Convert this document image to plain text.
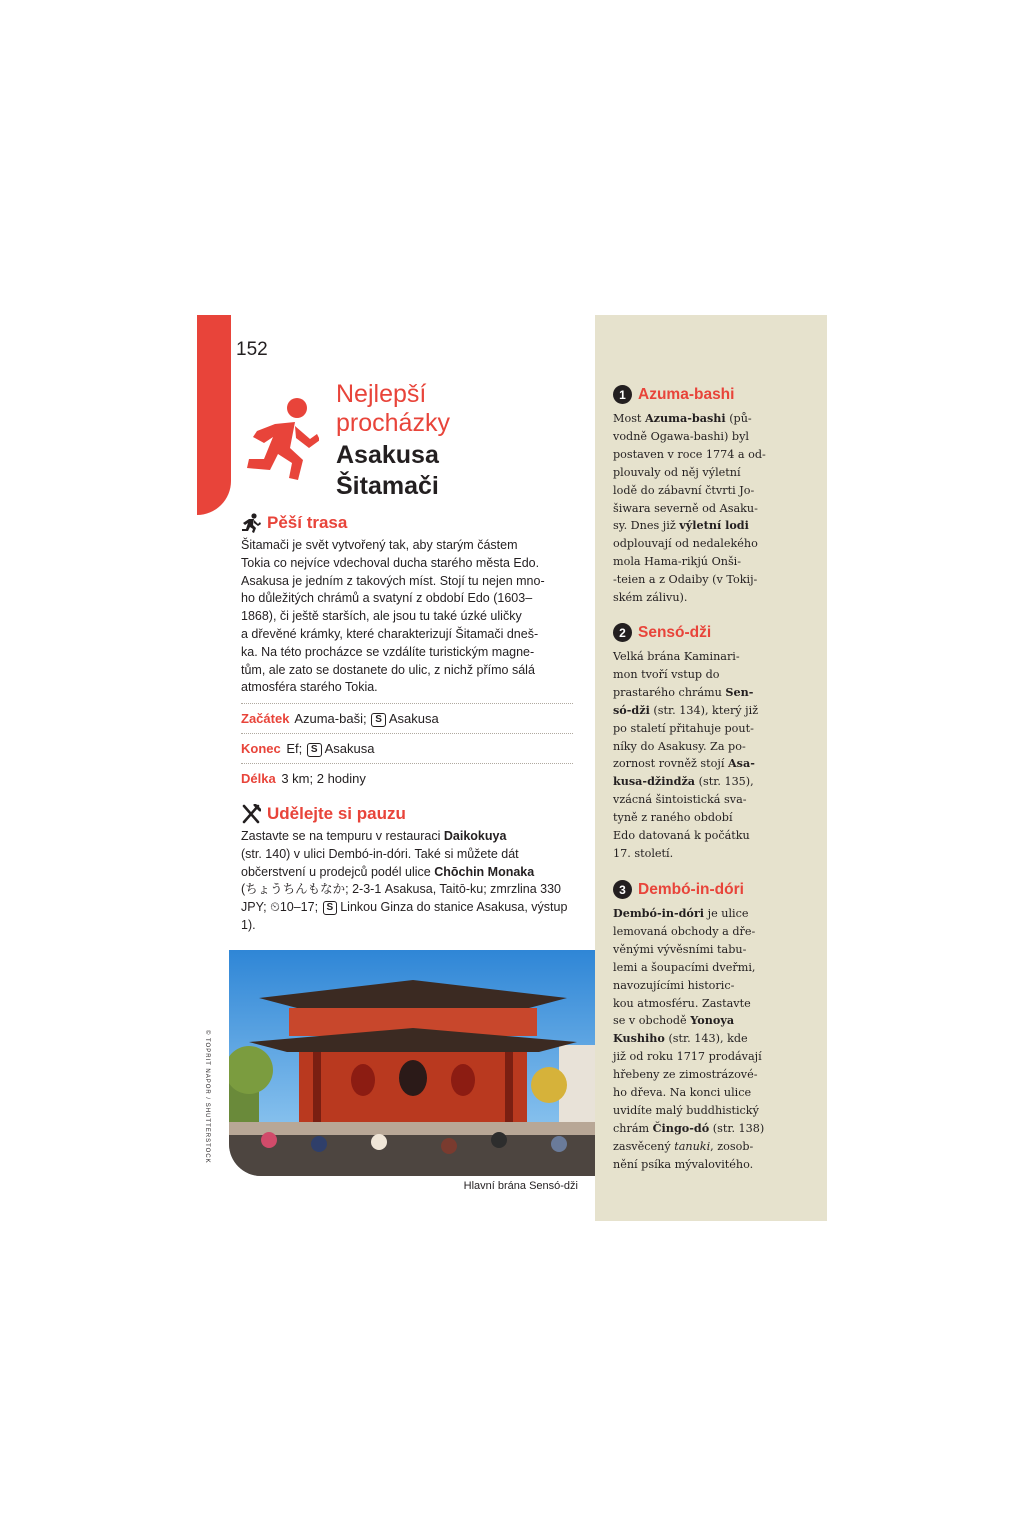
152
Nejlepší
procházky
Asakusa
Šitamači
Pěší trasa
Šitamači je svět vytvořený tak, aby starým částem
Tokia co nejvíce vdechoval ducha starého města Edo.
Asakusa je jedním z takových míst. Stojí tu nejen mno-
ho důležitých chrámů a svatyní z období Edo (1603–
1868), či ještě starších, ale jsou tu také úzké uličky
a dřevěné krámky, které charakterizují Šitamači dneš-
ka. Na této procházce se vzdálíte turistickým magne-
tům, ale zato se dostanete do ulic, z nichž přímo sálá
atmosféra starého Tokia.
Začátek Azuma-baši; S Asakusa
Konec Ef; S Asakusa
Délka 3 km; 2 hodiny
Udělejte si pauzu
Zastavte se na tempuru v restauraci Daikokuya
(str. 140) v ulici Dembó-in-dóri. Také si můžete dát
občerstvení u prodejců podél ulice Chōchin Monaka
(ちょうちんもなか; 2-3-1 Asakusa, Taitō-ku; zmrzlina 330
JPY; ⏲10–17; S Linkou Ginza do stanice Asakusa, výstup 1).
© TOPRIT NAPOR / SHUTTERSTOCK
Hlavní brána Sensó-dži
1 Azuma-bashi
Most Azuma-bashi (pů-
vodně Ogawa-bashi) byl
postaven v roce 1774 a od-
plouvaly od něj výletní
lodě do zábavní čtvrti Jo-
šiwara severně od Asaku-
sy. Dnes již výletní lodi
odplouvají od nedalekého
mola Hama-rikjú Onši-
-teien a z Odaiby (v Tokij-
ském zálivu).
2 Sensó-dži
Velká brána Kaminari-
mon tvoří vstup do
prastarého chrámu Sen-
só-dži (str. 134), který již
po staletí přitahuje pout-
níky do Asakusy. Za po-
zornost rovněž stojí Asa-
kusa-džindža (str. 135),
vzácná šintoistická sva-
tyně z raného období
Edo datovaná k počátku
17. století.
3 Dembó-in-dóri
Dembó-in-dóri je ulice
lemovaná obchody a dře-
věnými vývěsními tabu-
lemi a šoupacími dveřmi,
navozujícími historic-
kou atmosféru. Zastavte
se v obchodě Yonoya
Kushiho (str. 143), kde
již od roku 1717 prodávají
hřebeny ze zimostrázové-
ho dřeva. Na konci ulice
uvidíte malý buddhistický
chrám Čingo-dó (str. 138)
zasvěcený tanuki, zosob-
nění psíka mývalovitého.
